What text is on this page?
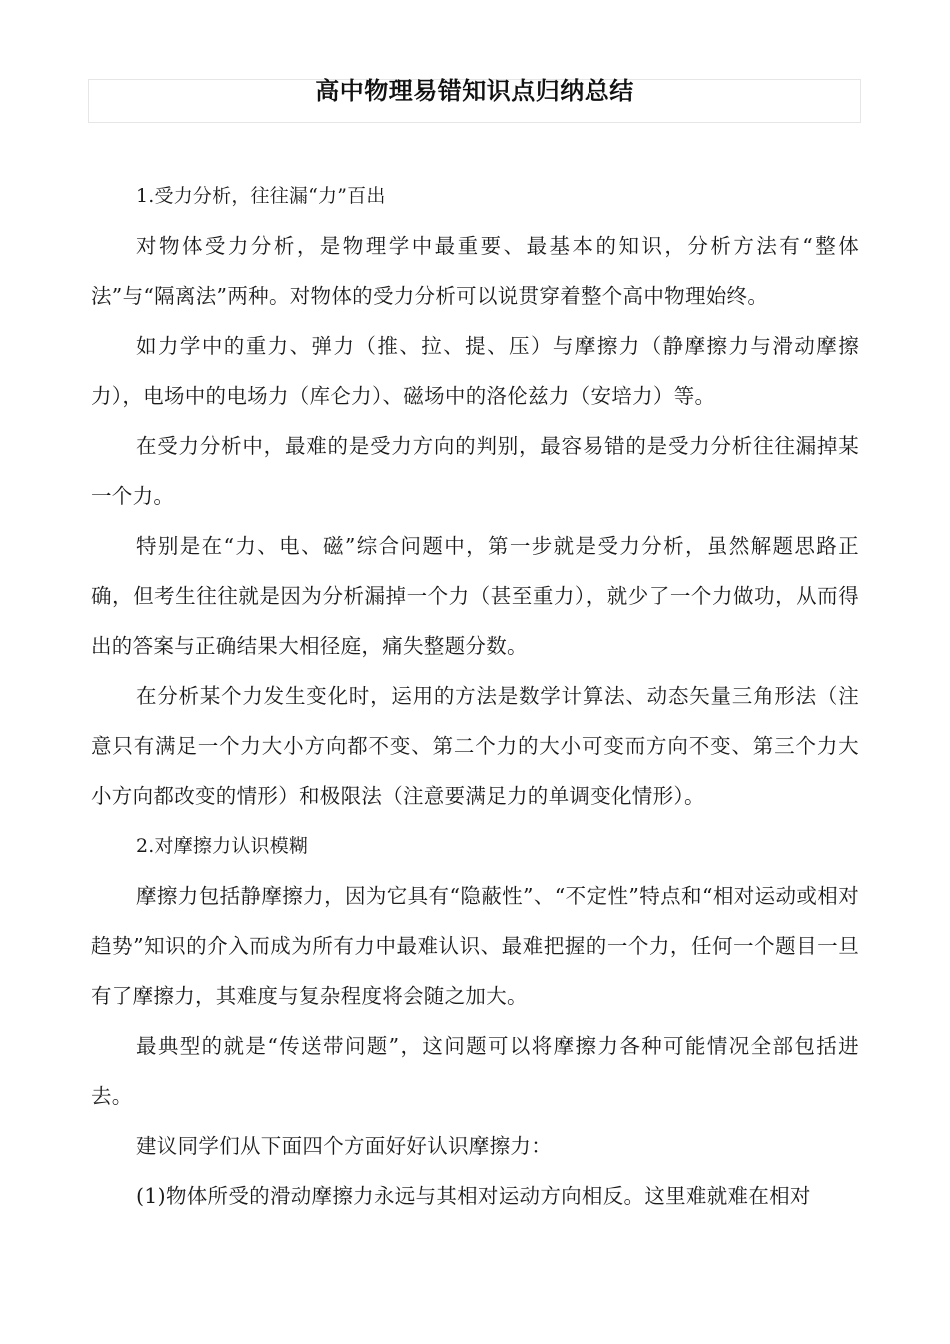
高中物理易错知识点归纳总结

1.受力分析，往往漏“力”百出

对物体受力分析，是物理学中最重要、最基本的知识，分析方法有“整体法”与“隔离法”两种。对物体的受力分析可以说贯穿着整个高中物理始终。

如力学中的重力、弹力（推、拉、提、压）与摩擦力（静摩擦力与滑动摩擦力），电场中的电场力（库仑力）、磁场中的洛伦兹力（安培力）等。

在受力分析中，最难的是受力方向的判别，最容易错的是受力分析往往漏掉某一个力。

特别是在“力、电、磁”综合问题中，第一步就是受力分析，虽然解题思路正确，但考生往往就是因为分析漏掉一个力（甚至重力），就少了一个力做功，从而得出的答案与正确结果大相径庭，痛失整题分数。

在分析某个力发生变化时，运用的方法是数学计算法、动态矢量三角形法（注意只有满足一个力大小方向都不变、第二个力的大小可变而方向不变、第三个力大小方向都改变的情形）和极限法（注意要满足力的单调变化情形）。

2.对摩擦力认识模糊

摩擦力包括静摩擦力，因为它具有“隐蔽性”、“不定性”特点和“相对运动或相对趋势”知识的介入而成为所有力中最难认识、最难把握的一个力，任何一个题目一旦有了摩擦力，其难度与复杂程度将会随之加大。

最典型的就是“传送带问题”，这问题可以将摩擦力各种可能情况全部包括进去。

建议同学们从下面四个方面好好认识摩擦力：

(1)物体所受的滑动摩擦力永远与其相对运动方向相反。这里难就难在相对
